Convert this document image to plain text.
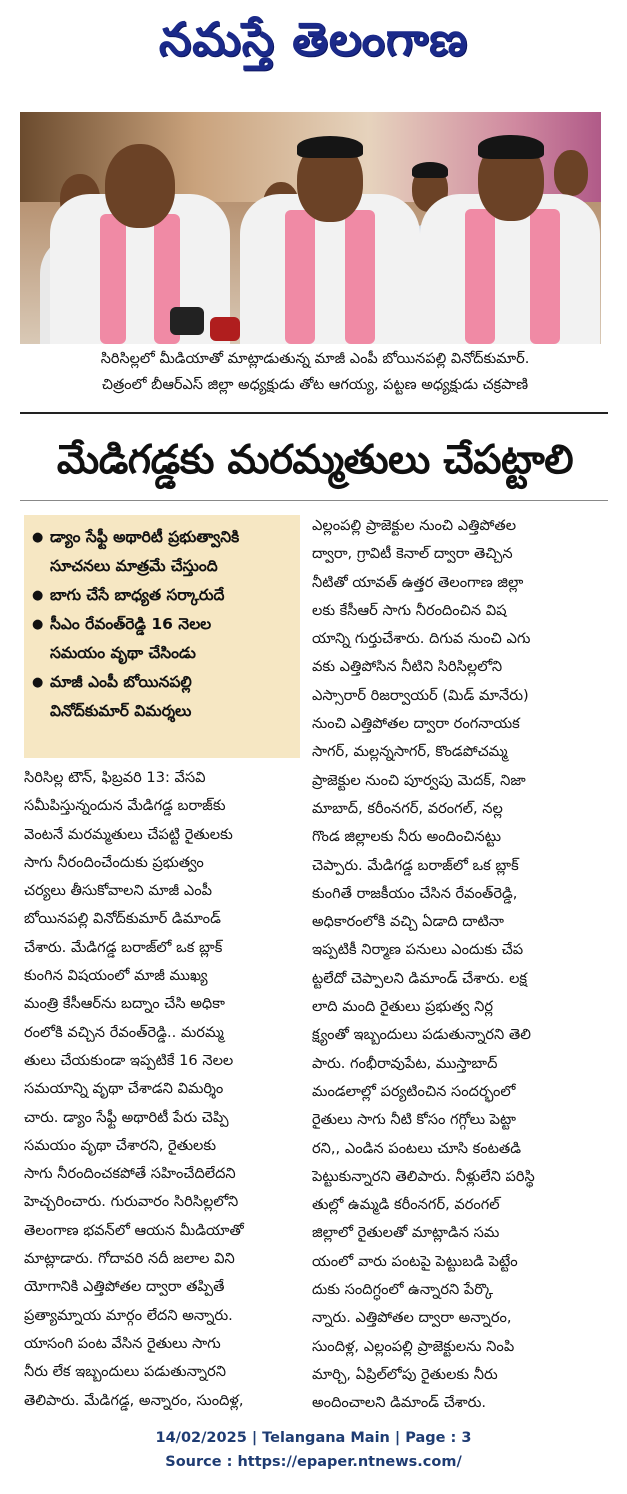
నమస్తే తెలంగాణ
సిరిసిల్లలో మీడియాతో మాట్లాడుతున్న మాజీ ఎంపీ బోయినపల్లి వినోద్‌కుమార్.
చిత్రంలో బీఆర్‌ఎస్ జిల్లా అధ్యక్షుడు తోట ఆగయ్య, పట్టణ అధ్యక్షుడు చక్రపాణి
మేడిగడ్డకు మరమ్మతులు చేపట్టాలి
● డ్యాం సేఫ్టీ అథారిటీ ప్రభుత్వానికి
సూచనలు మాత్రమే చేస్తుంది
● బాగు చేసే బాధ్యత సర్కారుదే
● సీఎం రేవంత్‌రెడ్డి 16 నెలల
సమయం వృథా చేసిండు
● మాజీ ఎంపీ బోయినపల్లి
వినోద్‌కుమార్ విమర్శలు
సిరిసిల్ల టౌన్, ఫిబ్రవరి 13: వేసవి
సమీపిస్తున్నందున మేడిగడ్డ బరాజ్‌కు
వెంటనే మరమ్మతులు చేపట్టి రైతులకు
సాగు నీరందించేందుకు ప్రభుత్వం
చర్యలు తీసుకోవాలని మాజీ ఎంపీ
బోయినపల్లి వినోద్‌కుమార్ డిమాండ్
చేశారు. మేడిగడ్డ బరాజ్‌లో ఒక బ్లాక్
కుంగిన విషయంలో మాజీ ముఖ్య
మంత్రి కేసీఆర్‌ను బద్నాం చేసి అధికా
రంలోకి వచ్చిన రేవంత్‌రెడ్డి.. మరమ్మ
తులు చేయకుండా ఇప్పటికే 16 నెలల
సమయాన్ని వృథా చేశాడని విమర్శిం
చారు. డ్యాం సేఫ్టీ అథారిటీ పేరు చెప్పి
సమయం వృథా చేశారని, రైతులకు
సాగు నీరందించకపోతే సహించేదిలేదని
హెచ్చరించారు. గురువారం సిరిసిల్లలోని
తెలంగాణ భవన్‌లో ఆయన మీడియాతో
మాట్లాడారు. గోదావరి నదీ జలాల విని
యోగానికి ఎత్తిపోతల ద్వారా తప్పితే
ప్రత్యామ్నాయ మార్గం లేదని అన్నారు.
యాసంగి పంట వేసిన రైతులు సాగు
నీరు లేక ఇబ్బందులు పడుతున్నారని
తెలిపారు. మేడిగడ్డ, అన్నారం, సుందిళ్ల,
ఎల్లంపల్లి ప్రాజెక్టుల నుంచి ఎత్తిపోతల
ద్వారా, గ్రావిటీ కెనాల్ ద్వారా తెచ్చిన
నీటితో యావత్ ఉత్తర తెలంగాణ జిల్లా
లకు కేసీఆర్ సాగు నీరందించిన విష
యాన్ని గుర్తుచేశారు. దిగువ నుంచి ఎగు
వకు ఎత్తిపోసిన నీటిని సిరిసిల్లలోని
ఎస్సారార్ రిజర్వాయర్ (మిడ్ మానేరు)
నుంచి ఎత్తిపోతల ద్వారా రంగనాయక
సాగర్, మల్లన్నసాగర్, కొండపోచమ్మ
ప్రాజెక్టుల నుంచి పూర్వపు మెదక్, నిజా
మాబాద్, కరీంనగర్, వరంగల్, నల్ల
గొండ జిల్లాలకు నీరు అందించినట్టు
చెప్పారు. మేడిగడ్డ బరాజ్‌లో ఒక బ్లాక్
కుంగితే రాజకీయం చేసిన రేవంత్‌రెడ్డి,
అధికారంలోకి వచ్చి ఏడాది దాటినా
ఇప్పటికీ నిర్మాణ పనులు ఎందుకు చేప
ట్టలేదో చెప్పాలని డిమాండ్ చేశారు. లక్ష
లాది మంది రైతులు ప్రభుత్వ నిర్ల
క్ష్యంతో ఇబ్బందులు పడుతున్నారని తెలి
పారు. గంభీరావుపేట, ముస్తాబాద్
మండలాల్లో పర్యటించిన సందర్భంలో
రైతులు సాగు నీటి కోసం గగ్గోలు పెట్టా
రని,, ఎండిన పంటలు చూసి కంటతడి
పెట్టుకున్నారని తెలిపారు. నీళ్లులేని పరిస్థి
తుల్లో ఉమ్మడి కరీంనగర్, వరంగల్
జిల్లాలో రైతులతో మాట్లాడిన సమ
యంలో వారు పంటపై పెట్టుబడి పెట్టేం
దుకు సందిగ్ధంలో ఉన్నారని పేర్కొ
న్నారు. ఎత్తిపోతల ద్వారా అన్నారం,
సుందిళ్ల, ఎల్లంపల్లి ప్రాజెక్టులను నింపి
మార్చి, ఏప్రిల్‌లోపు రైతులకు నీరు
అందించాలని డిమాండ్ చేశారు.
14/02/2025 | Telangana Main | Page : 3
Source : https://epaper.ntnews.com/
